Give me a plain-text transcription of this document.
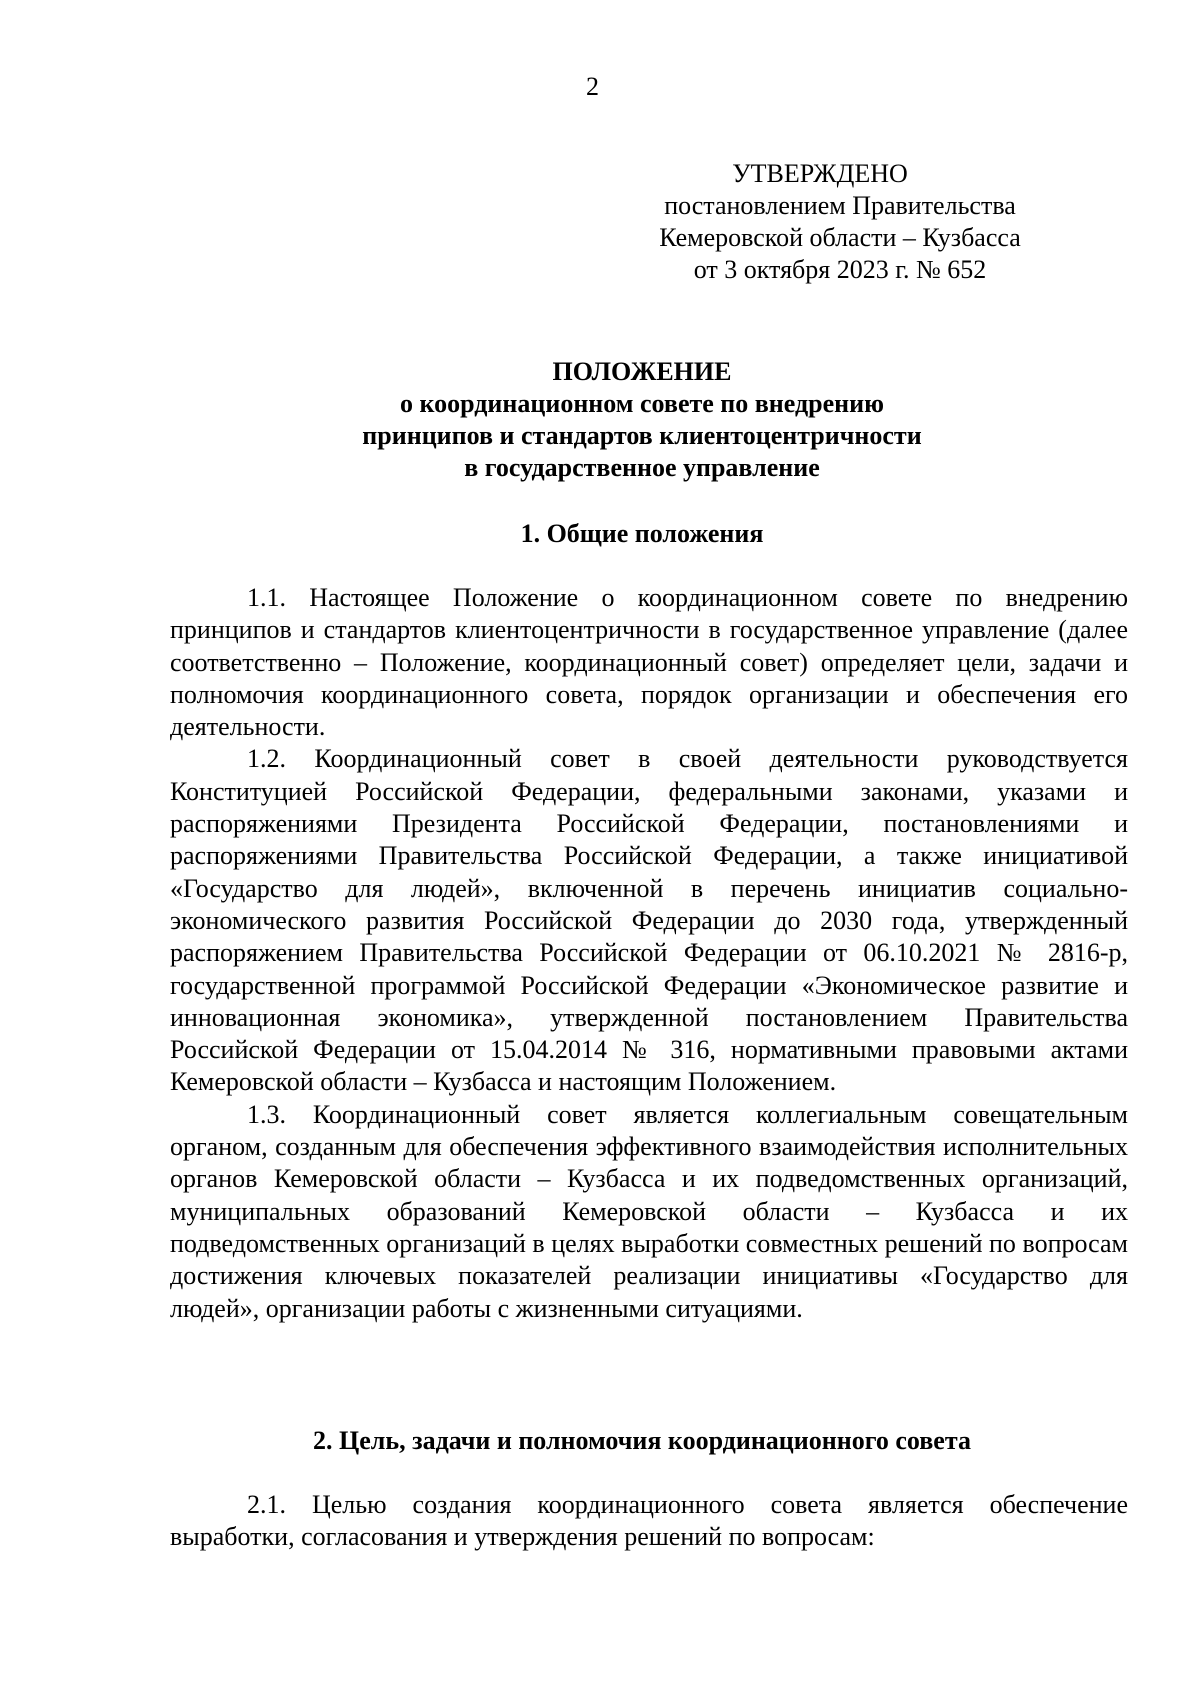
2
УТВЕРЖДЕНО
постановлением Правительства
Кемеровской области – Кузбасса
от 3 октября 2023 г. № 652
ПОЛОЖЕНИЕ
о координационном совете по внедрению
принципов и стандартов клиентоцентричности
в государственное управление
1. Общие положения

1.1. Настоящее Положение о координационном совете по внедрению принципов и стандартов клиентоцентричности в государственное управление (далее соответственно – Положение, координационный совет) определяет цели, задачи и полномочия координационного совета, порядок организации и обеспечения его деятельности.

1.2. Координационный совет в своей деятельности руководствуется Конституцией Российской Федерации, федеральными законами, указами и распоряжениями Президента Российской Федерации, постановлениями и распоряжениями Правительства Российской Федерации, а также инициативой «Государство для людей», включенной в перечень инициатив социально-экономического развития Российской Федерации до 2030 года, утвержденный распоряжением Правительства Российской Федерации от 06.10.2021 № 2816-р, государственной программой Российской Федерации «Экономическое развитие и инновационная экономика», утвержденной постановлением Правительства Российской Федерации от 15.04.2014 № 316, нормативными правовыми актами Кемеровской области – Кузбасса и настоящим Положением.

1.3. Координационный совет является коллегиальным совещательным органом, созданным для обеспечения эффективного взаимодействия исполнительных органов Кемеровской области – Кузбасса и их подведомственных организаций, муниципальных образований Кемеровской области – Кузбасса и их подведомственных организаций в целях выработки совместных решений по вопросам достижения ключевых показателей реализации инициативы «Государство для людей», организации работы с жизненными ситуациями.

2. Цель, задачи и полномочия координационного совета

2.1. Целью создания координационного совета является обеспечение выработки, согласования и утверждения решений по вопросам:
